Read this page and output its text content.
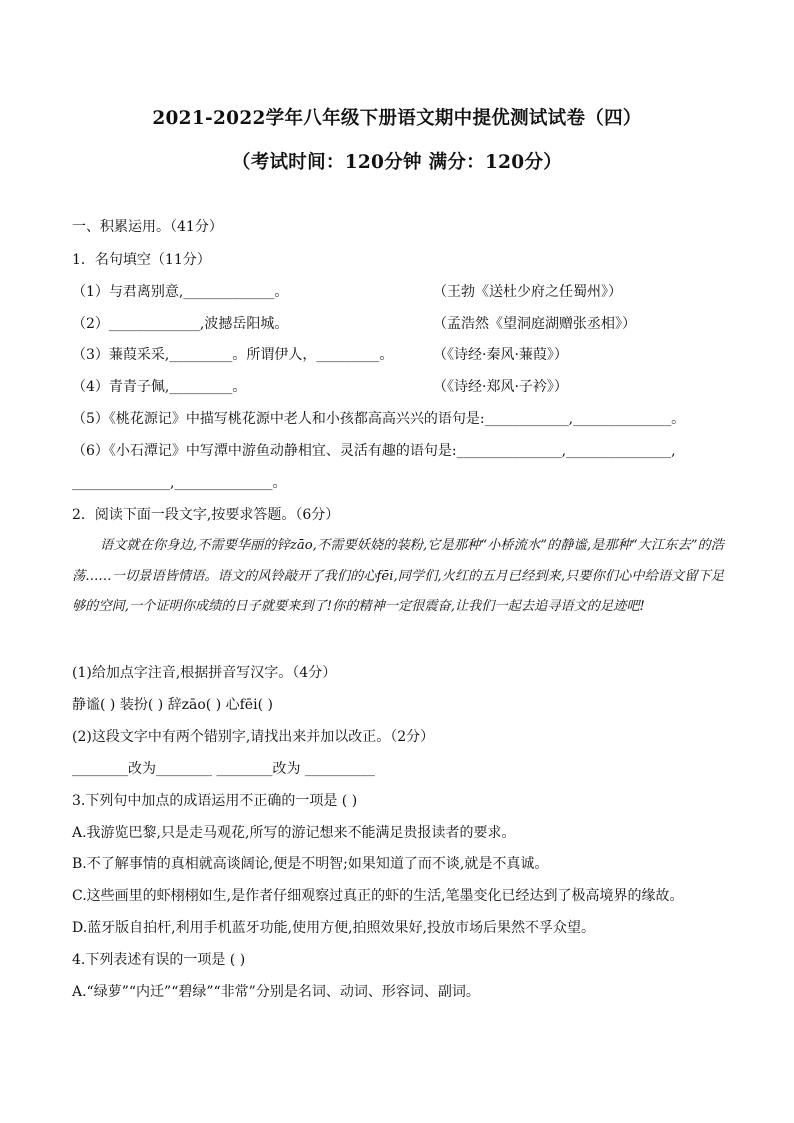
2021-2022学年八年级下册语文期中提优测试试卷（四）
（考试时间：120分钟 满分：120分）
一、积累运用。（41分）
1．名句填空（11分）
（1）与君离别意,_____________。	（王勃《送杜少府之任蜀州》）
（2）_____________,波撼岳阳城。	（孟浩然《望洞庭湖赠张丞相》）
（3）蒹葭采采,_________。所谓伊人，_________。	（《诗经·秦风·蒹葭》）
（4）青青子佩,_________。	（《诗经·郑风·子衿》）
（5）《桃花源记》中描写桃花源中老人和小孩都高高兴兴的语句是:____________,______________。
（6）《小石潭记》中写潭中游鱼动静相宜、灵活有趣的语句是:_______________,_______________,
______________,______________。
2．阅读下面一段文字,按要求答题。（6分）

语文就在你身边,不需要华丽的锌zāo,不需要妖娆的装粉,它是那种“小桥流水”的静谧,是那种“大江东去”的浩荡……一切景语皆情语。语文的风铃敲开了我们的心fēi,同学们,火红的五月已经到来,只要你们心中给语文留下足够的空间,一个证明你成绩的日子就要来到了!你的精神一定很震奋,让我们一起去追寻语文的足迹吧!

(1)给加点字注音,根据拼音写汉字。（4分）
静谧( ) 装扮( ) 辞zāo( ) 心fēi( )
(2)这段文字中有两个错别字,请找出来并加以改正。（2分）
________改为________ ________改为 __________
3.下列句中加点的成语运用不正确的一项是 ( )
A.我游览巴黎,只是走马观花,所写的游记想来不能满足贵报读者的要求。
B.不了解事情的真相就高谈阔论,便是不明智;如果知道了而不谈,就是不真诚。
C.这些画里的虾栩栩如生,是作者仔细观察过真正的虾的生活,笔墨变化已经达到了极高境界的缘故。
D.蓝牙版自拍杆,利用手机蓝牙功能,使用方便,拍照效果好,投放市场后果然不孚众望。
4.下列表述有误的一项是 ( )
A.“绿萝”“内迁”“碧绿”“非常”分别是名词、动词、形容词、副词。
